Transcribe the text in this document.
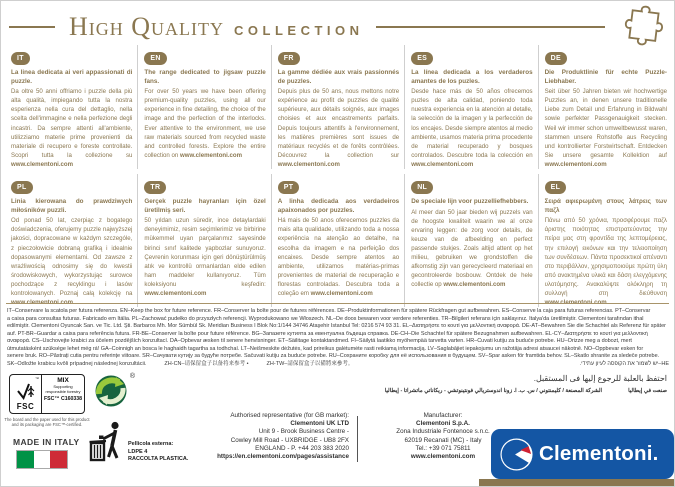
High Quality COLLECTION
IT
La linea dedicata ai veri appassionati di puzzle.
Da oltre 50 anni offriamo i puzzle della più alta qualità, impiegando tutta la nostra esperienza nella cura del dettaglio, nella scelta dell'immagine e nella perfezione degli incastri. Da sempre attenti all'ambiente, utilizziamo materie prime provenienti da materiale di recupero e foreste controllate. Scopri tutta la collezione su www.clementoni.com
EN
The range dedicated to jigsaw puzzle fans.
For over 50 years we have been offering premium-quality puzzles, using all our experience in fine detailing, the choice of the image and the perfection of the interlocks. Ever attentive to the environment, we use raw materials sourced from recycled waste and controlled forests. Explore the entire collection on www.clementoni.com
FR
La gamme dédiée aux vrais passionnés de puzzles.
Depuis plus de 50 ans, nous mettons notre expérience au profit de puzzles de qualité supérieure, aux détails soignés, aux images choisies et aux encastrements parfaits. Depuis toujours attentifs à l'environnement, les matières premières sont issues de matériaux recyclés et de forêts contrôlées. Découvrez la collection sur www.clementoni.com
ES
La línea dedicada a los verdaderos amantes de los puzles.
Desde hace más de 50 años ofrecemos puzles de alta calidad, poniendo toda nuestra experiencia en la atención al detalle, la selección de la imagen y la perfección de los encajes. Desde siempre atentos al medio ambiente, usamos materia prima procedente de material recuperado y bosques controlados. Descubre toda la colección en www.clementoni.com
DE
Die Produktlinie für echte Puzzle-Liebhaber.
Seit über 50 Jahren bieten wir hochwertige Puzzles an, in denen unsere traditionelle Liebe zum Detail und Erfahrung in Bildwahl sowie perfekter Passgenauigkeit stecken. Weil wir immer schon umweltbewusst waren, stammen unsere Rohstoffe aus Recycling und kontrollierter Forstwirtschaft. Entdecken Sie unsere gesamte Kollektion auf www.clementoni.com
PL
Linia kierowana do prawdziwych miłośników puzzli.
Od ponad 50 lat, czerpiąc z bogatego doświadczenia, oferujemy puzzle najwyższej jakości, dopracowane w każdym szczególe, z pieczołowicie dobraną grafiką i idealnie dopasowanymi elementami. Od zawsze z wrażliwością odnosimy się do kwestii środowiskowych, wykorzystując surowce pochodzące z recyklingu i lasów kontrolowanych. Poznaj całą kolekcję na
TR
Gerçek puzzle hayranları için özel üretilmiş seri.
50 yıldan uzun süredir, ince detaylardaki deneyimimiz, resim seçimlerimiz ve birbirine mükemmel uyan parçalarımız sayesinde birinci sınıf kalitede yapbozlar sunuyoruz. Çevrenin korunması için geri dönüştürülmüş atık ve kontrollü ormanlardan elde edilen ham maddeler kullanıyoruz. Tüm koleksiyonu keşfedin: www.clementoni.com
PT
A linha dedicada aos verdadeiros apaixonados por puzzles.
Há mais de 50 anos oferecemos puzzles da mais alta qualidade, utilizando toda a nossa experiência na atenção ao detalhe, na escolha da imagem e na perfeição dos encaixes. Desde sempre atentos ao ambiente, utilizamos matérias-primas provenientes de material de recuperação e florestas controladas. Descubra toda a coleção em www.clementoni.com
NL
De speciale lijn voor puzzelliefhebbers.
Al meer dan 50 jaar bieden wij puzzels van de hoogste kwaliteit waarin we al onze ervaring leggen: de zorg voor details, de keuze van de afbeelding en perfect passende stukjes. Zoals altijd attent op het milieu, gebruiken we grondstoffen die afkomstig zijn van gerecycleerd materiaal en gecontroleerde bosbouw. Ontdek de hele collectie op www.clementoni.com
EL
Σειρά αφιερωμένη στους λάτρεις των παζλ
Πάνω από 50 χρόνια, προσφέρουμε παζλ άριστης ποιότητας επιστρατεύοντας την πείρα μας στη φροντίδα της λεπτομέρειας, την επιλογή εικόνων και την τελειοποίηση των συνδέσεων. Πάντα προσεκτικοί απέναντι στο περιβάλλον, χρησιμοποιούμε πρώτη ύλη από ανακτημένα υλικά και δάση ελεγχόμενης υλοτόμησης. Ανακαλύψτε ολόκληρη τη συλλογή στη διεύθυνση
IT–Conservare la scatola per futura referenza. EN–Keep the box for future reference. FR–Conserver la boîte pour de futures références. DE–Produktinformationen für spätere Rückfragen gut aufbewahren. ES–Conserve la caja para futuras referencias. PT–Conservar
a caixa para consultas futuras. Fabricado em Itália. PL–Zachować pudełko do przyszłych referencji. Wyprodukowano we Włoszech. NL–De doos bewaren voor verdere referenties. TR–Bilgileri referans için saklayınız. İtalya'da üretilmiştir. Clementoni tarafından ithal
edilmiştir. Clementoni Oyuncak San. ve Tic. Ltd. Şti. Barbaros Mh. Mor Sümbül Sk. Meridian Business I Blok No:1/144 34746 Ataşehir İstanbul Tel: 0216 574 93 31. EL–Διατηρήστε το κουτί για μελλοντική αναφορά. DE-AT–Bewahren Sie die Schachtel als Referenz für später
auf. PT-BR–Guardar a caixa para referência futura. FR-BE–Conserver la boîte pour future référence. BG–Запазете кутията за евентуална бъдеща справка. DE-CH–Die Schachtel für spätere Bezugnahmen aufbewahren. EL-CY–Διατηρήστε το κουτί για μελλοντική
αναφορά. CS–Uschovejte krabici za účelem pozdějších konzultací. DA–Opbevar æsken til senere henvisninger. ET–Säilitage kontaktandmed. FI–Säilytä laatikko myöhempää tarvetta varten. HR–Čuvati kutiju za buduće potrebe. HU–Őrizze meg a dobozt, mert
útmutatásként szüksége lehet még rá! GA–Coinnigh an bosca le haghaidh tagartha sa todhchaí. LT–Neišmeskite dėžutės, kad prireikus galėtumėte rasti reikiamą informaciją. LV–Saglabājiet iepakojumu un ražotāja adresi atsaucei nākotnē. NO–Oppbevar esken for
senere bruk. RO–Păstrați cutia pentru referințe viitoare. SR–Сачувати кутију за будуће потребе. Sačuvati kutiju za buduće potrebe. RU–Сохраните коробку для её использования в будущем. SV–Spar asken för framtida behov. SL–Škatlo shranite za sledeče potrebe.
SK–Odložte krabicu kvôli prípadnej následnej konzultácii.	ZH-CN–请保留盒子以备将来参考 •	ZH-TW–請保留盒子以備將來參考。	HE–יש לשמור את הקופסה לעיון עתידי.
احتفظ بالعلبة للرجوع إليها فى المستقبل.
صنعت في إيطاليا
الشركة المصنعة / كليمنتوني / س. ب. ا. زونا اندوستريالي فونتينوتشي - ريكاناتي ماتشراتا - إيطاليا
™
FSC
MIX
Supporting responsible forestry
FSC™ C160338
The board and the paper used for this product and its packaging are FSC™-certified.
®
MADE IN ITALY	Pellicola esterna:
LDPE 4
RACCOLTA PLASTICA.
Authorised representative (for GB market):
Clementoni UK LTD
Unit 9 - Brook Business Centre -
Cowley Mill Road - UXBRIDGE - UB8 2FX
ENGLAND - P. +44 203 383 2020
https://en.clementoni.com/pages/assistance
Manufacturer:
Clementoni S.p.A.
Zona Industriale Fontenoce s.n.c.
62019 Recanati (MC) - Italy
Tel.: +39 071 75811
www.clementoni.com	Clementoni.
